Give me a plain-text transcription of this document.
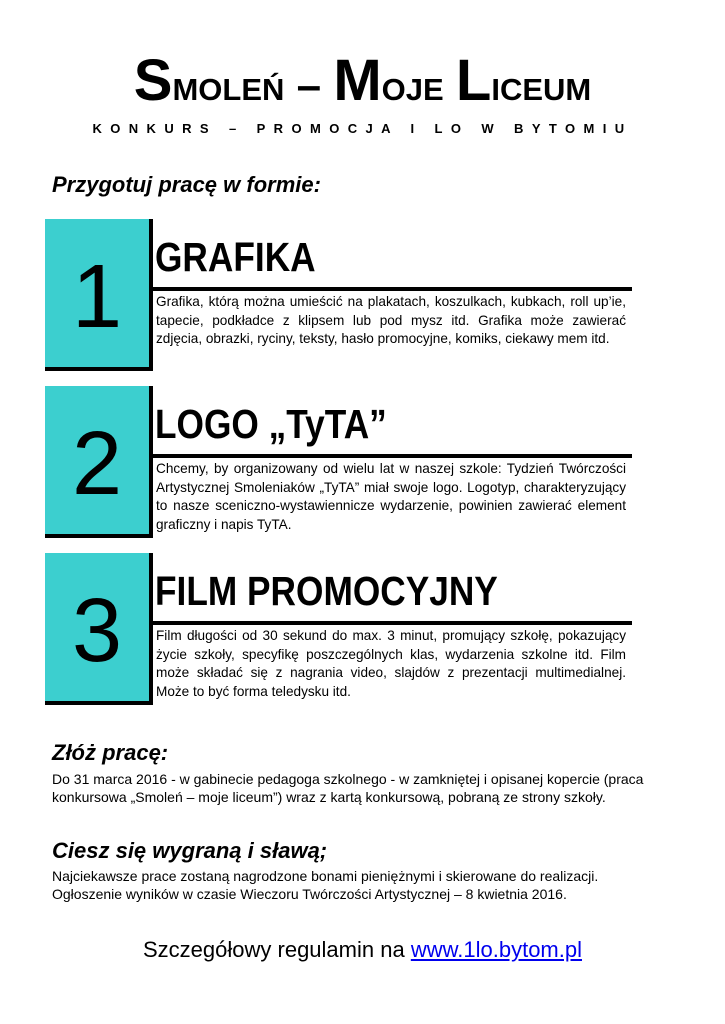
Smoleń – Moje Liceum
KONKURS – PROMOCJA I LO W BYTOMIU
Przygotuj pracę w formie:
1 GRAFIKA
Grafika, którą można umieścić na plakatach, koszulkach, kubkach, roll up’ie, tapecie, podkładce z klipsem lub pod mysz itd. Grafika może zawierać zdjęcia, obrazki, ryciny, teksty, hasło promocyjne, komiks, ciekawy mem itd.
2 LOGO „TyTA”
Chcemy, by organizowany od wielu lat w naszej szkole: Tydzień Twórczości Artystycznej Smoleniaków „TyTA” miał swoje logo. Logotyp, charakteryzujący to nasze sceniczno-wystawiennicze wydarzenie, powinien zawierać element graficzny i napis TyTA.
3 FILM PROMOCYJNY
Film długości od 30 sekund do max. 3 minut, promujący szkołę, pokazujący życie szkoły, specyfikę poszczególnych klas, wydarzenia szkolne itd. Film może składać się z nagrania video, slajdów z prezentacji multimedialnej. Może to być forma teledysku itd.
Złóż pracę:
Do 31 marca 2016 - w gabinecie pedagoga szkolnego - w zamkniętej i opisanej kopercie (praca konkursowa „Smoleń – moje liceum”) wraz z kartą konkursową, pobraną ze strony szkoły.
Ciesz się wygraną i sławą;
Najciekawsze prace zostaną nagrodzone bonami pieniężnymi i skierowane do realizacji.
Ogłoszenie wyników w czasie Wieczoru Twórczości Artystycznej – 8 kwietnia 2016.
Szczegółowy regulamin na www.1lo.bytom.pl
